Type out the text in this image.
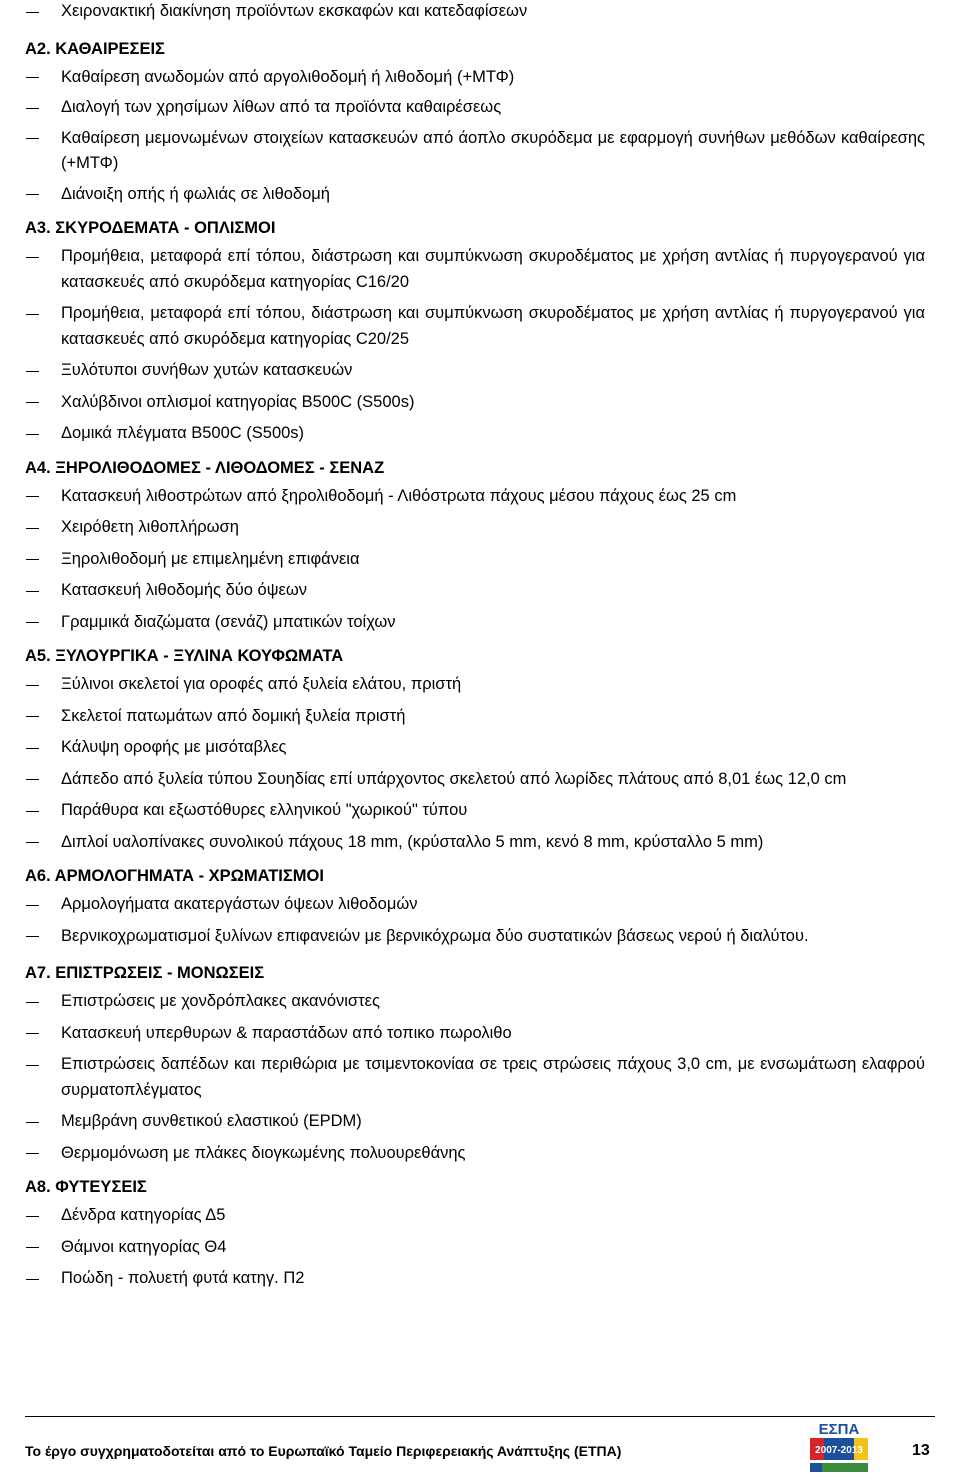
Χειρονακτική διακίνηση προϊόντων εκσκαφών και κατεδαφίσεων
Α2. ΚΑΘΑΙΡΕΣΕΙΣ
Καθαίρεση ανωδομών από αργολιθοδομή ή λιθοδομή (+ΜΤΦ)
Διαλογή των χρησίμων λίθων από τα προϊόντα καθαιρέσεως
Καθαίρεση μεμονωμένων στοιχείων κατασκευών από άοπλο σκυρόδεμα με εφαρμογή συνήθων μεθόδων καθαίρεσης (+ΜΤΦ)
Διάνοιξη οπής ή φωλιάς σε λιθοδομή
Α3. ΣΚΥΡΟΔΕΜΑΤΑ - ΟΠΛΙΣΜΟΙ
Προμήθεια, μεταφορά επί τόπου, διάστρωση και συμπύκνωση σκυροδέματος με χρήση αντλίας ή πυργογερανού για κατασκευές από σκυρόδεμα κατηγορίας C16/20
Προμήθεια, μεταφορά επί τόπου, διάστρωση και συμπύκνωση σκυροδέματος με χρήση αντλίας ή πυργογερανού για κατασκευές από σκυρόδεμα κατηγορίας C20/25
Ξυλότυποι συνήθων χυτών κατασκευών
Χαλύβδινοι οπλισμοί κατηγορίας Β500C (S500s)
Δομικά πλέγματα Β500C (S500s)
Α4. ΞΗΡΟΛΙΘΟΔΟΜΕΣ - ΛΙΘΟΔΟΜΕΣ - ΣΕΝΑΖ
Κατασκευή λιθοστρώτων από ξηρολιθοδομή - Λιθόστρωτα πάχους μέσου πάχους έως 25 cm
Χειρόθετη λιθοπλήρωση
Ξηρολιθοδομή με επιμελημένη επιφάνεια
Κατασκευή λιθοδομής δύο όψεων
Γραμμικά διαζώματα (σενάζ) μπατικών τοίχων
Α5. ΞΥΛΟΥΡΓΙΚΑ - ΞΥΛΙΝΑ ΚΟΥΦΩΜΑΤΑ
Ξύλινοι σκελετοί για οροφές από ξυλεία ελάτου, πριστή
Σκελετοί πατωμάτων από δομική ξυλεία πριστή
Κάλυψη οροφής με μισόταβλες
Δάπεδο από ξυλεία τύπου Σουηδίας επί υπάρχοντος σκελετού από λωρίδες πλάτους από 8,01 έως 12,0 cm
Παράθυρα και εξωστόθυρες ελληνικού "χωρικού" τύπου
Διπλοί υαλοπίνακες συνολικού πάχους 18 mm, (κρύσταλλο 5 mm, κενό 8 mm, κρύσταλλο 5 mm)
Α6. ΑΡΜΟΛΟΓΗΜΑΤΑ - ΧΡΩΜΑΤΙΣΜΟΙ
Αρμολογήματα ακατεργάστων όψεων λιθοδομών
Βερνικοχρωματισμοί ξυλίνων επιφανειών με βερνικόχρωμα δύο συστατικών βάσεως νερού ή διαλύτου.
Α7. ΕΠΙΣΤΡΩΣΕΙΣ - ΜΟΝΩΣΕΙΣ
Επιστρώσεις με χονδρόπλακες ακανόνιστες
Κατασκευή υπερθυρων & παραστάδων από τοπικο πωρολιθο
Επιστρώσεις δαπέδων και περιθώρια με τσιμεντοκονίαα σε τρεις στρώσεις πάχους 3,0 cm, με ενσωμάτωση ελαφρού συρματοπλέγματος
Μεμβράνη συνθετικού ελαστικού (EPDM)
Θερμομόνωση με πλάκες διογκωμένης πολυουρεθάνης
Α8. ΦΥΤΕΥΣΕΙΣ
Δένδρα κατηγορίας Δ5
Θάμνοι κατηγορίας Θ4
Ποώδη - πολυετή φυτά κατηγ. Π2
Το έργο συγχρηματοδοτείται από το Ευρωπαϊκό Ταμείο Περιφερειακής Ανάπτυξης (ΕΤΠΑ)
ΕΣΠΑ
2007-2013	13
